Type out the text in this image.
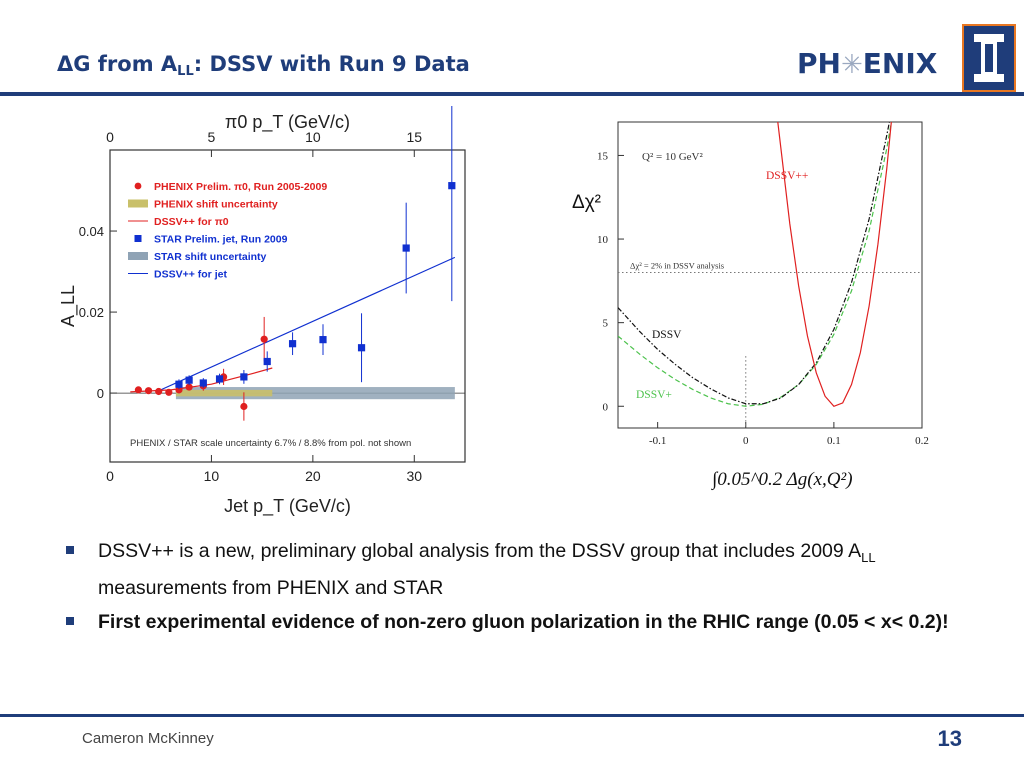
ΔG from $A_{LL}$: DSSV with Run 9 Data	PH✳ENIX
0	10	20	30
0	5	10	15
0
0.02
0.04
Jet p_T (GeV/c)
π0 p_T (GeV/c)
A_LL
PHENIX Prelim. π0, Run 2005-2009
PHENIX shift uncertainty
DSSV++ for π0
STAR Prelim. jet, Run 2009
STAR shift uncertainty
DSSV++ for jet
PHENIX / STAR scale uncertainty 6.7% / 8.8% from pol. not shown	-0.1	0	0.1	0.2
0
5
10
15	Q² = 10 GeV²
Δχ² = 2% in DSSV analysis
DSSV++
DSSV
DSSV+
Δχ²
∫0.05^0.2 Δg(x,Q²)
DSSV++ is a new, preliminary global analysis from the DSSV group that includes 2009 $A_{LL}$ measurements from PHENIX and STAR
First experimental evidence of non-zero gluon polarization in the RHIC range (0.05 < x< 0.2)!
Cameron McKinney	13
